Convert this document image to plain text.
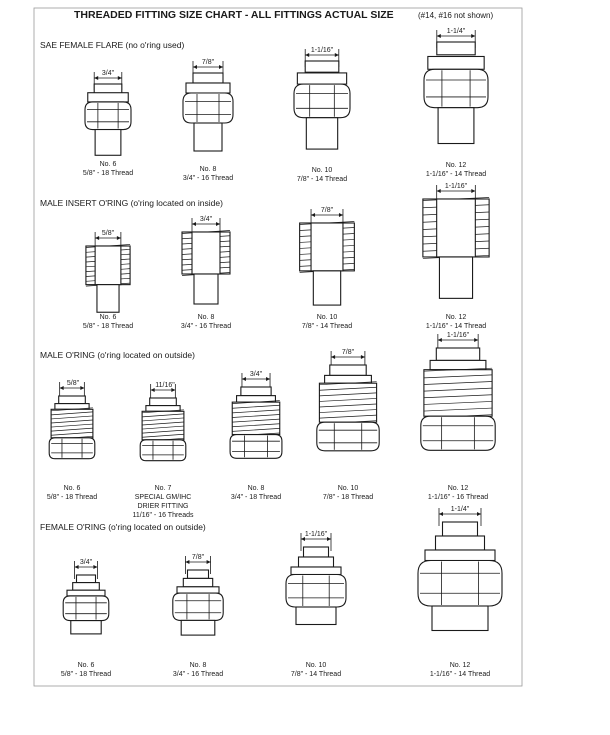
THREADED FITTING SIZE CHART - ALL FITTINGS ACTUAL SIZE	(#14, #16 not shown)
SAE FEMALE FLARE (no o'ring used)
MALE INSERT O'RING (o'ring located on inside)
MALE O'RING (o'ring located on outside)
FEMALE O'RING (o'ring located on outside)
3/4"
No. 6
5/8" - 18 Thread
7/8"
No. 8
3/4" - 16 Thread
1-1/16"
No. 10
7/8" - 14 Thread
1-1/4"
No. 12
1-1/16" - 14 Thread
5/8"
No. 6
5/8" - 18 Thread
3/4"
No. 8
3/4" - 16 Thread
7/8"
No. 10
7/8" - 14 Thread
1-1/16"
No. 12
1-1/16" - 14 Thread
5/8"
No. 6
5/8" - 18 Thread
11/16"
No. 7
SPECIAL GM/IHC
DRIER FITTING
11/16" - 16 Threads
3/4"
No. 8
3/4" - 18 Thread
7/8"
No. 10
7/8" - 18 Thread
1-1/16"
No. 12
1-1/16" - 16 Thread
3/4"
No. 6
5/8" - 18 Thread
7/8"
No. 8
3/4" - 16 Thread
1-1/16"
No. 10
7/8" - 14 Thread
1-1/4"
No. 12
1-1/16" - 14 Thread
